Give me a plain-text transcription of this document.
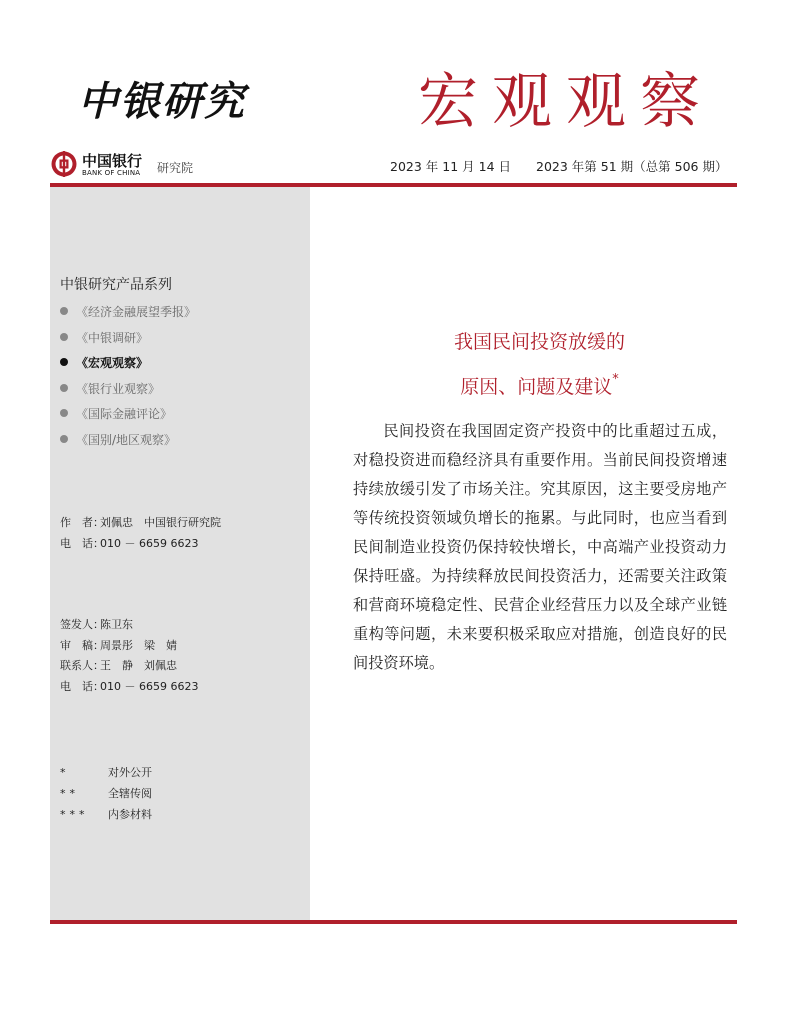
中银研究	宏观观察
中国银行
BANK OF CHINA 研究院	2023 年 11 月 14 日 2023 年第 51 期（总第 506 期）
中银研究产品系列
《经济金融展望季报》
《中银调研》
《宏观观察》
《银行业观察》
《国际金融评论》
《国别/地区观察》
作　者：刘佩忠　中国银行研究院
电　话：010 － 6659 6623
签发人：陈卫东
审　稿：周景彤　梁　婧
联系人：王　静　刘佩忠
电　话：010 － 6659 6623
*	对外公开
**	全辖传阅
*** 内参材料
我国民间投资放缓的
原因、问题及建议*

民间投资在我国固定资产投资中的比重超过五成，对稳投资进而稳经济具有重要作用。当前民间投资增速持续放缓引发了市场关注。究其原因，这主要受房地产等传统投资领域负增长的拖累。与此同时，也应当看到民间制造业投资仍保持较快增长，中高端产业投资动力保持旺盛。为持续释放民间投资活力，还需要关注政策和营商环境稳定性、民营企业经营压力以及全球产业链重构等问题，未来要积极采取应对措施，创造良好的民间投资环境。
